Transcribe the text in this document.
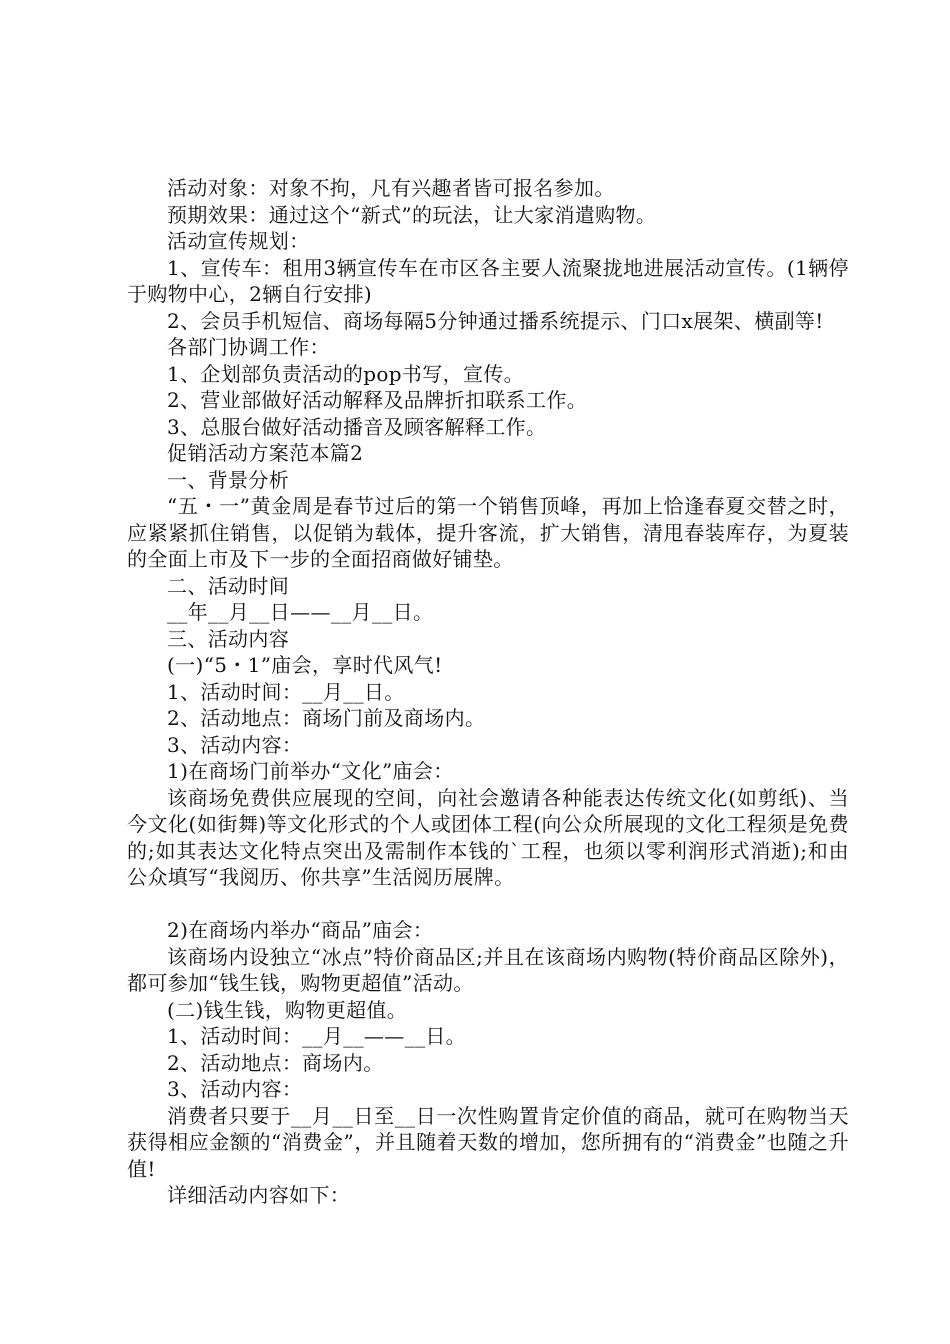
活动对象：对象不拘，凡有兴趣者皆可报名参加。

预期效果：通过这个“新式”的玩法，让大家消遣购物。

活动宣传规划：

1、宣传车：租用3辆宣传车在市区各主要人流聚拢地进展活动宣传。(1辆停于购物中心，2辆自行安排)

2、会员手机短信、商场每隔5分钟通过播系统提示、门口x展架、横副等!

各部门协调工作：

1、企划部负责活动的pop书写，宣传。

2、营业部做好活动解释及品牌折扣联系工作。

3、总服台做好活动播音及顾客解释工作。

促销活动方案范本篇2

一、背景分析

“五・一”黄金周是春节过后的第一个销售顶峰，再加上恰逢春夏交替之时，应紧紧抓住销售，以促销为载体，提升客流，扩大销售，清甩春装库存，为夏装的全面上市及下一步的全面招商做好铺垫。

二、活动时间

__年__月__日——__月__日。

三、活动内容

(一)“5・1”庙会，享时代风气!

1、活动时间：__月__日。

2、活动地点：商场门前及商场内。

3、活动内容：

1)在商场门前举办“文化”庙会：

该商场免费供应展现的空间，向社会邀请各种能表达传统文化(如剪纸)、当今文化(如街舞)等文化形式的个人或团体工程(向公众所展现的文化工程须是免费的;如其表达文化特点突出及需制作本钱的`工程，也须以零利润形式消逝);和由公众填写“我阅历、你共享”生活阅历展牌。

2)在商场内举办“商品”庙会：

该商场内设独立“冰点”特价商品区;并且在该商场内购物(特价商品区除外)，都可参加“钱生钱，购物更超值”活动。

(二)钱生钱，购物更超值。

1、活动时间：__月__——__日。

2、活动地点：商场内。

3、活动内容：

消费者只要于__月__日至__日一次性购置肯定价值的商品，就可在购物当天获得相应金额的“消费金”，并且随着天数的增加，您所拥有的“消费金”也随之升值!

详细活动内容如下：
